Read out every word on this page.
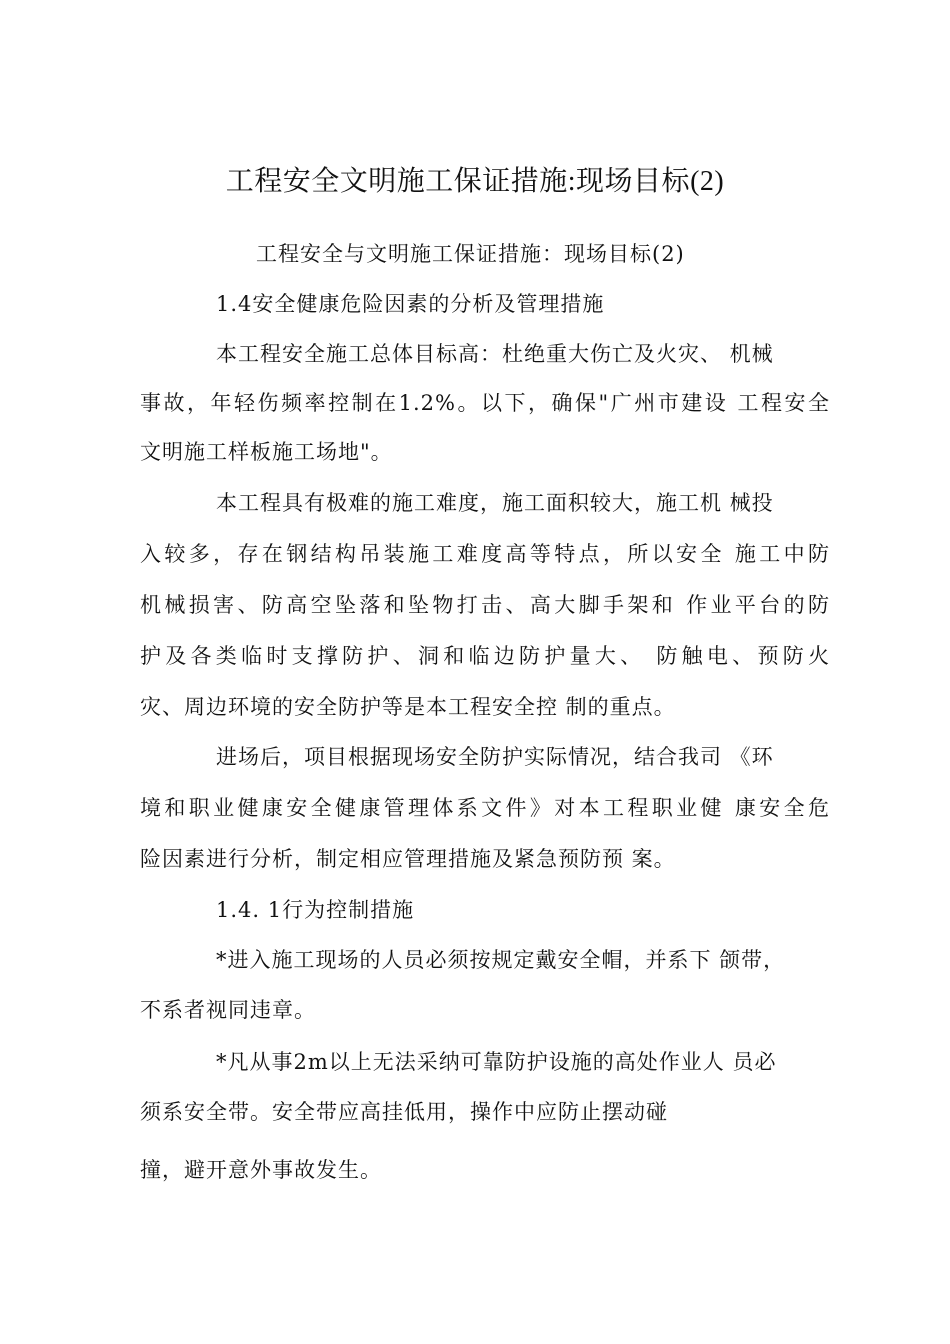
工程安全文明施工保证措施:现场目标(2)
工程安全与文明施工保证措施：现场目标(2)
1.4安全健康危险因素的分析及管理措施
本工程安全施工总体目标高：杜绝重大伤亡及火灾、 机械
事故，年轻伤频率控制在1.2%。以下，确保"广州市建设 工程安全
文明施工样板施工场地"。
本工程具有极难的施工难度，施工面积较大，施工机 械投
入较多，存在钢结构吊装施工难度高等特点，所以安全 施工中防
机械损害、防高空坠落和坠物打击、高大脚手架和 作业平台的防
护及各类临时支撑防护、洞和临边防护量大、 防触电、预防火
灾、周边环境的安全防护等是本工程安全控 制的重点。
进场后，项目根据现场安全防护实际情况，结合我司 《环
境和职业健康安全健康管理体系文件》对本工程职业健 康安全危
险因素进行分析，制定相应管理措施及紧急预防预 案。
1.4. 1行为控制措施
*进入施工现场的人员必须按规定戴安全帽，并系下 颌带，
不系者视同违章。
*凡从事2m以上无法采纳可靠防护设施的高处作业人 员必
须系安全带。安全带应高挂低用，操作中应防止摆动碰
撞，避开意外事故发生。
